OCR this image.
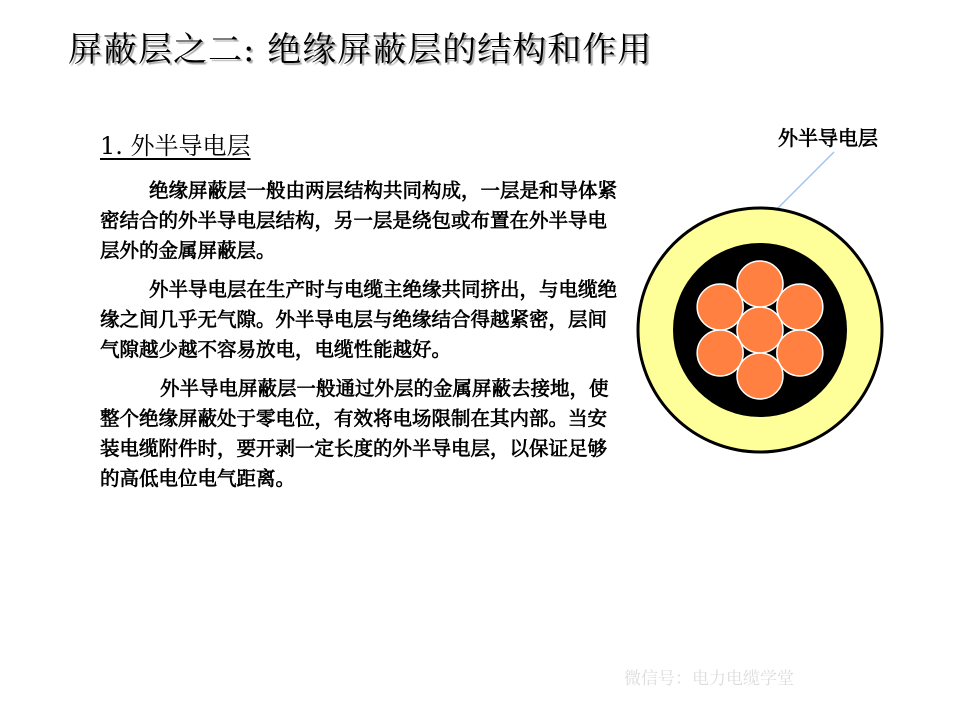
屏蔽层之二: 绝缘屏蔽层的结构和作用
1. 外半导电层

绝缘屏蔽层一般由两层结构共同构成，一层是和导体紧密结合的外半导电层结构，另一层是绕包或布置在外半导电层外的金属屏蔽层。

外半导电层在生产时与电缆主绝缘共同挤出，与电缆绝缘之间几乎无气隙。外半导电层与绝缘结合得越紧密，层间气隙越少越不容易放电，电缆性能越好。

外半导电屏蔽层一般通过外层的金属屏蔽去接地，使整个绝缘屏蔽处于零电位，有效将电场限制在其内部。当安装电缆附件时，要开剥一定长度的外半导电层，以保证足够的高低电位电气距离。

外半导电层
微信号：电力电缆学堂
